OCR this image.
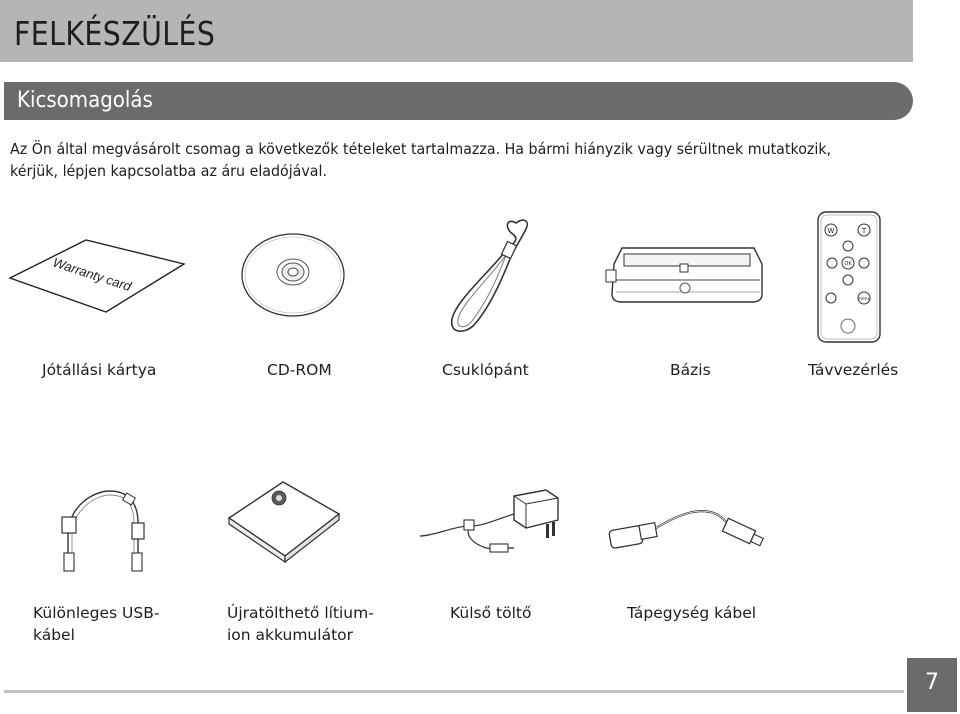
FELKÉSZÜLÉS
Kicsomagolás
Az Ön által megvásárolt csomag a következők tételeket tartalmazza. Ha bármi hiányzik vagy sérültnek mutatkozik, kérjük, lépjen kapcsolatba az áru eladójával.
Warranty card
Jótállási kártya	CD-ROM	Csuklópánt	Bázis
W	T
OK
menu
Távvezérlés
Különleges USB-
kábel
Újratölthető lítium-
ion akkumulátor
Külső töltő	Tápegység kábel
7
